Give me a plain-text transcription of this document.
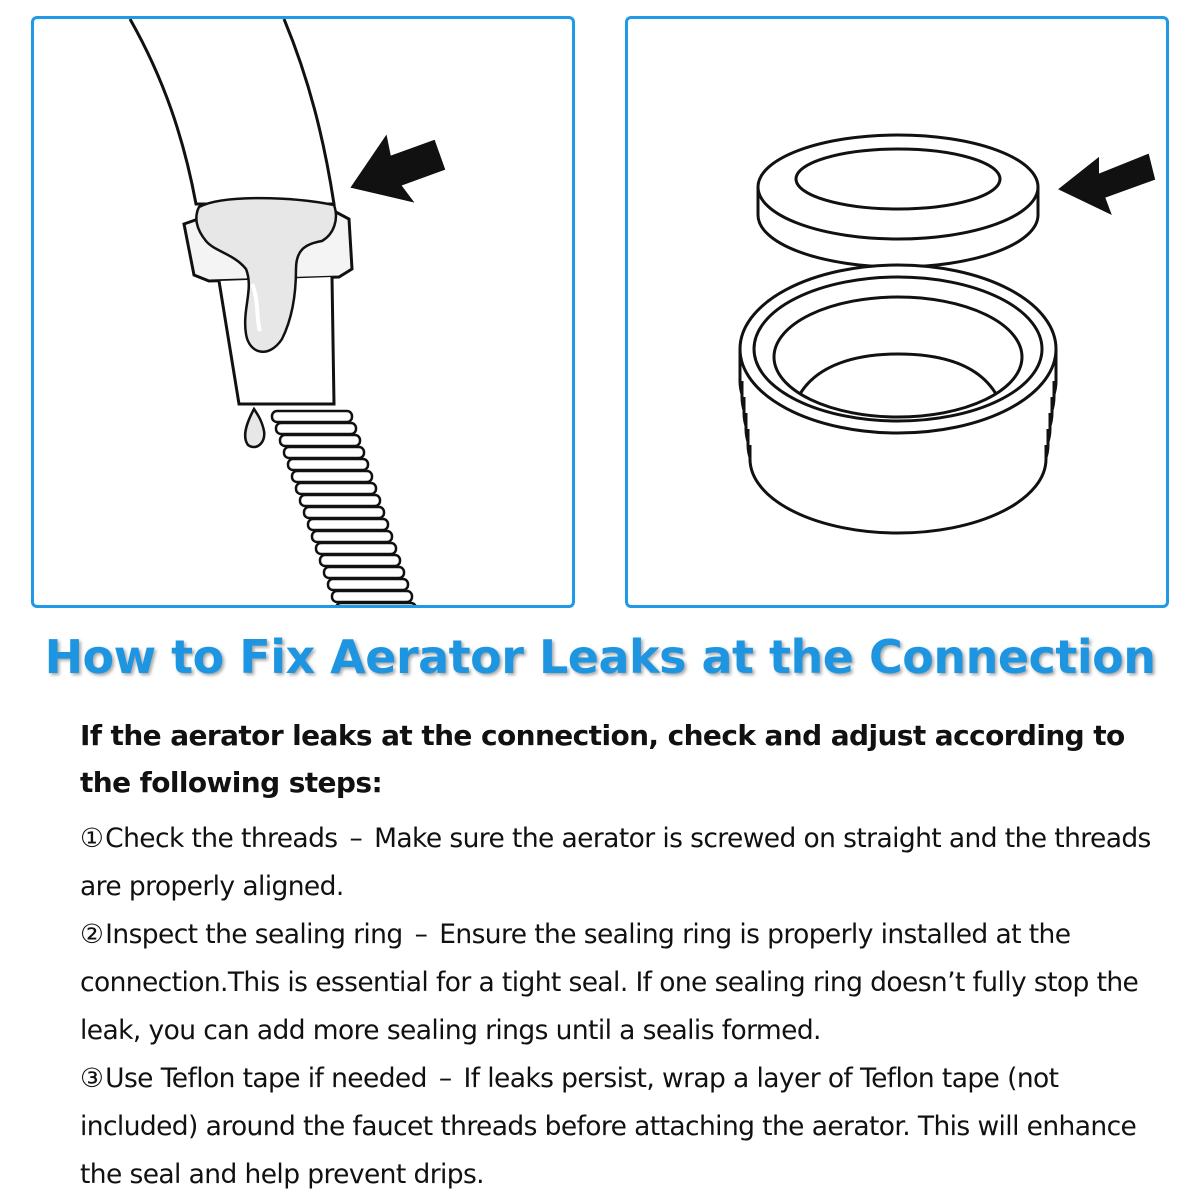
How to Fix Aerator Leaks at the Connection
If the aerator leaks at the connection, check and adjust according to the following steps:
①Check the threads – Make sure the aerator is screwed on straight and the threads are properly aligned.
②Inspect the sealing ring – Ensure the sealing ring is properly installed at the connection.This is essential for a tight seal. If one sealing ring doesn’t fully stop the leak, you can add more sealing rings until a sealis formed.
③Use Teflon tape if needed – If leaks persist, wrap a layer of Teflon tape (not included) around the faucet threads before attaching the aerator. This will enhance the seal and help prevent drips.
